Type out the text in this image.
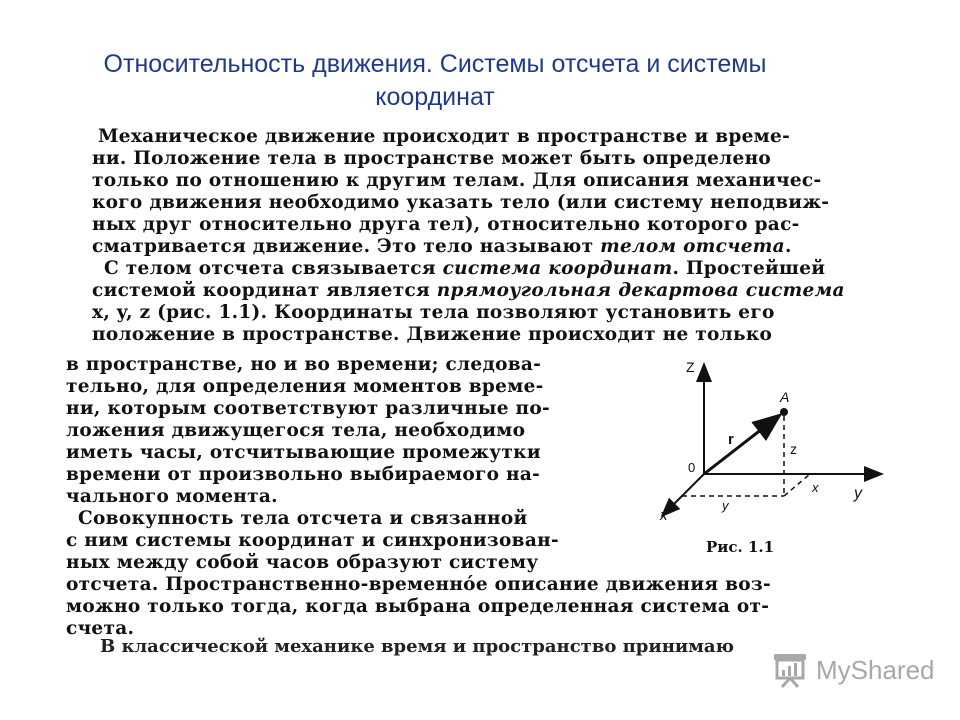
Относительность движения. Системы отсчета и системы
координат
Механическое движение происходит в пространстве и време-
ни. Положение тела в пространстве может быть определено
только по отношению к другим телам. Для описания механичес-
кого движения необходимо указать тело (или систему неподвиж-
ных друг относительно друга тел), относительно которого рас-
сматривается движение. Это тело называют телом отсчета.
С телом отсчета связывается система координат. Простейшей
системой координат является прямоугольная декартова система
x, y, z (рис. 1.1). Координаты тела позволяют установить его
положение в пространстве. Движение происходит не только
в пространстве, но и во времени; следова-
тельно, для определения моментов време-
ни, которым соответствуют различные по-
ложения движущегося тела, необходимо
иметь часы, отсчитывающие промежутки
времени от произвольно выбираемого на-
чального момента.
Совокупность тела отсчета и связанной
с ним системы координат и синхронизован-
ных между собой часов образуют систему
отсчета. Пространственно-временнóе описание движения воз-
можно только тогда, когда выбрана определенная система от-
счета.
Z
y
x
0
A
r
z
x
y
Рис. 1.1
В классической механике время и пространство принимаю
MyShared
